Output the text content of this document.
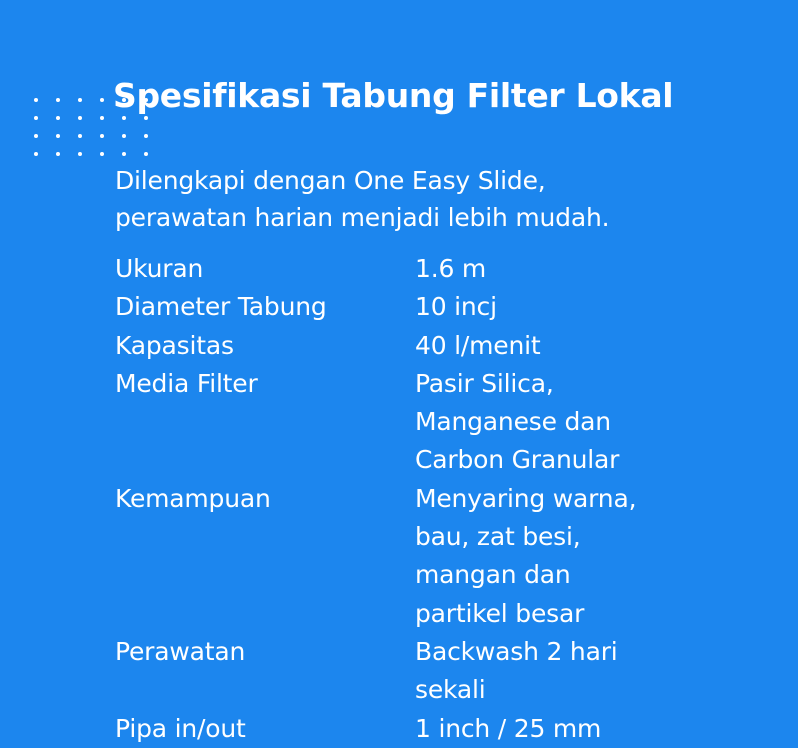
Spesifikasi Tabung Filter Lokal

Dilengkapi dengan One Easy Slide,
perawatan harian menjadi lebih mudah.

Ukuran	1.6 m
Diameter Tabung	10 incj
Kapasitas	40 l/menit
Media Filter	Pasir Silica,
Manganese dan
Carbon Granular
Kemampuan	Menyaring warna,
bau, zat besi,
mangan dan
partikel besar
Perawatan	Backwash 2 hari
sekali
Pipa in/out	1 inch / 25 mm
